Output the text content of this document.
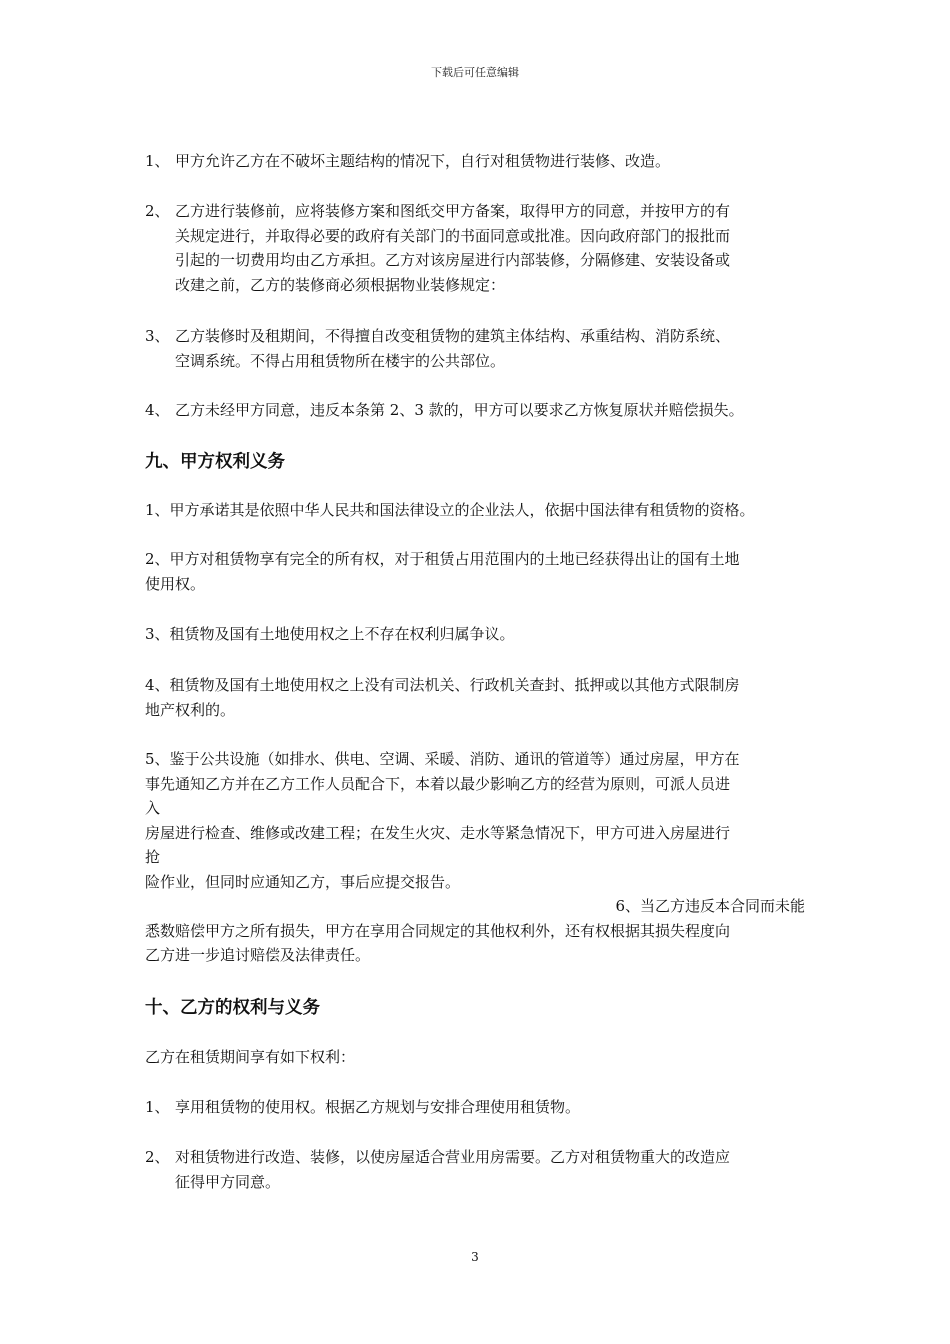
下载后可任意编辑
1、 甲方允许乙方在不破坏主题结构的情况下，自行对租赁物进行装修、改造。
2、 乙方进行装修前，应将装修方案和图纸交甲方备案，取得甲方的同意，并按甲方的有
关规定进行，并取得必要的政府有关部门的书面同意或批准。因向政府部门的报批而
引起的一切费用均由乙方承担。乙方对该房屋进行内部装修，分隔修建、安装设备或
改建之前，乙方的装修商必须根据物业装修规定：
3、 乙方装修时及租期间，不得擅自改变租赁物的建筑主体结构、承重结构、消防系统、
空调系统。不得占用租赁物所在楼宇的公共部位。
4、 乙方未经甲方同意，违反本条第 2、3 款的，甲方可以要求乙方恢复原状并赔偿损失。
九、甲方权利义务
1、甲方承诺其是依照中华人民共和国法律设立的企业法人，依据中国法律有租赁物的资格。
2、甲方对租赁物享有完全的所有权，对于租赁占用范围内的土地已经获得出让的国有土地
使用权。
3、租赁物及国有土地使用权之上不存在权利归属争议。
4、租赁物及国有土地使用权之上没有司法机关、行政机关查封、抵押或以其他方式限制房
地产权利的。
5、鉴于公共设施（如排水、供电、空调、采暖、消防、通讯的管道等）通过房屋，甲方在
事先通知乙方并在乙方工作人员配合下，本着以最少影响乙方的经营为原则，可派人员进
入
房屋进行检查、维修或改建工程；在发生火灾、走水等紧急情况下，甲方可进入房屋进行
抢
险作业，但同时应通知乙方，事后应提交报告。
6、当乙方违反本合同而未能
悉数赔偿甲方之所有损失，甲方在享用合同规定的其他权利外，还有权根据其损失程度向
乙方进一步追讨赔偿及法律责任。
十、乙方的权利与义务
乙方在租赁期间享有如下权利：
1、 享用租赁物的使用权。根据乙方规划与安排合理使用租赁物。
2、 对租赁物进行改造、装修，以使房屋适合营业用房需要。乙方对租赁物重大的改造应
征得甲方同意。
3
